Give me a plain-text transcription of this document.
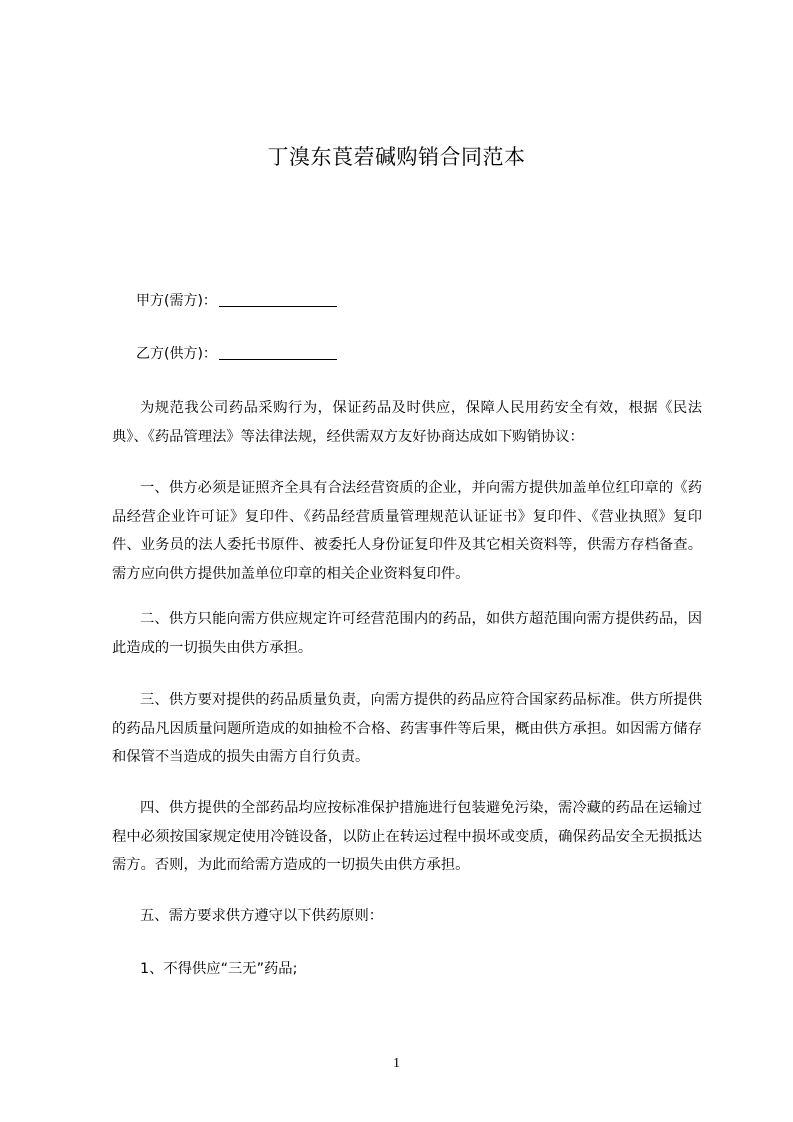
丁溴东莨菪碱购销合同范本
甲方(需方)：
乙方(供方)：
为规范我公司药品采购行为，保证药品及时供应，保障人民用药安全有效，根据《民法典》、《药品管理法》等法律法规，经供需双方友好协商达成如下购销协议：
一、供方必须是证照齐全具有合法经营资质的企业，并向需方提供加盖单位红印章的《药品经营企业许可证》复印件、《药品经营质量管理规范认证证书》复印件、《营业执照》复印件、业务员的法人委托书原件、被委托人身份证复印件及其它相关资料等，供需方存档备查。需方应向供方提供加盖单位印章的相关企业资料复印件。
二、供方只能向需方供应规定许可经营范围内的药品，如供方超范围向需方提供药品，因此造成的一切损失由供方承担。
三、供方要对提供的药品质量负责，向需方提供的药品应符合国家药品标准。供方所提供的药品凡因质量问题所造成的如抽检不合格、药害事件等后果，概由供方承担。如因需方储存和保管不当造成的损失由需方自行负责。
四、供方提供的全部药品均应按标准保护措施进行包装避免污染，需冷藏的药品在运输过程中必须按国家规定使用冷链设备，以防止在转运过程中损坏或变质，确保药品安全无损抵达需方。否则，为此而给需方造成的一切损失由供方承担。
五、需方要求供方遵守以下供药原则：
1、不得供应“三无”药品;
1
